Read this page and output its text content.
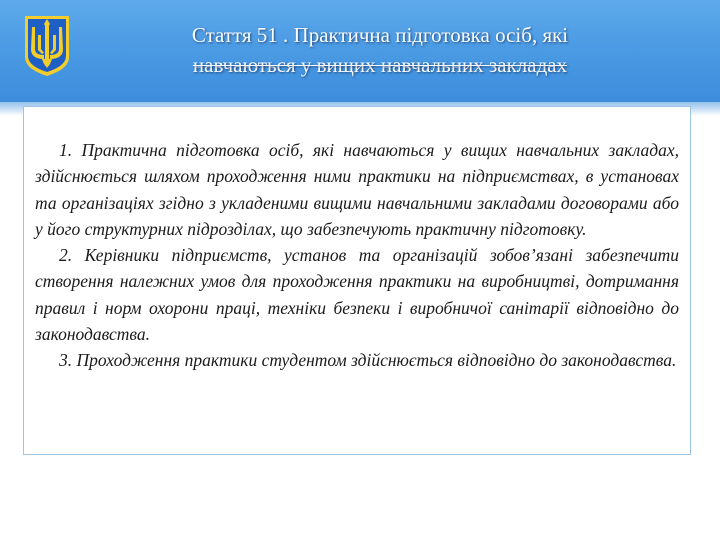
Стаття 51 . Практична підготовка осіб, які
навчаються у вищих навчальних закладах

1. Практична підготовка осіб, які навчаються у вищих навчальних закладах, здійснюється шляхом проходження ними практики на підприємствах, в установах та організаціях згідно з укладеними вищими навчальними закладами договорами або у його структурних підрозділах, що забезпечують практичну підготовку.

2. Керівники підприємств, установ та організацій зобов’язані забезпечити створення належних умов для проходження практики на виробництві, дотримання правил і норм охорони праці, техніки безпеки і виробничої санітарії відповідно до законодавства.

3. Проходження практики студентом здійснюється відповідно до законодавства.
